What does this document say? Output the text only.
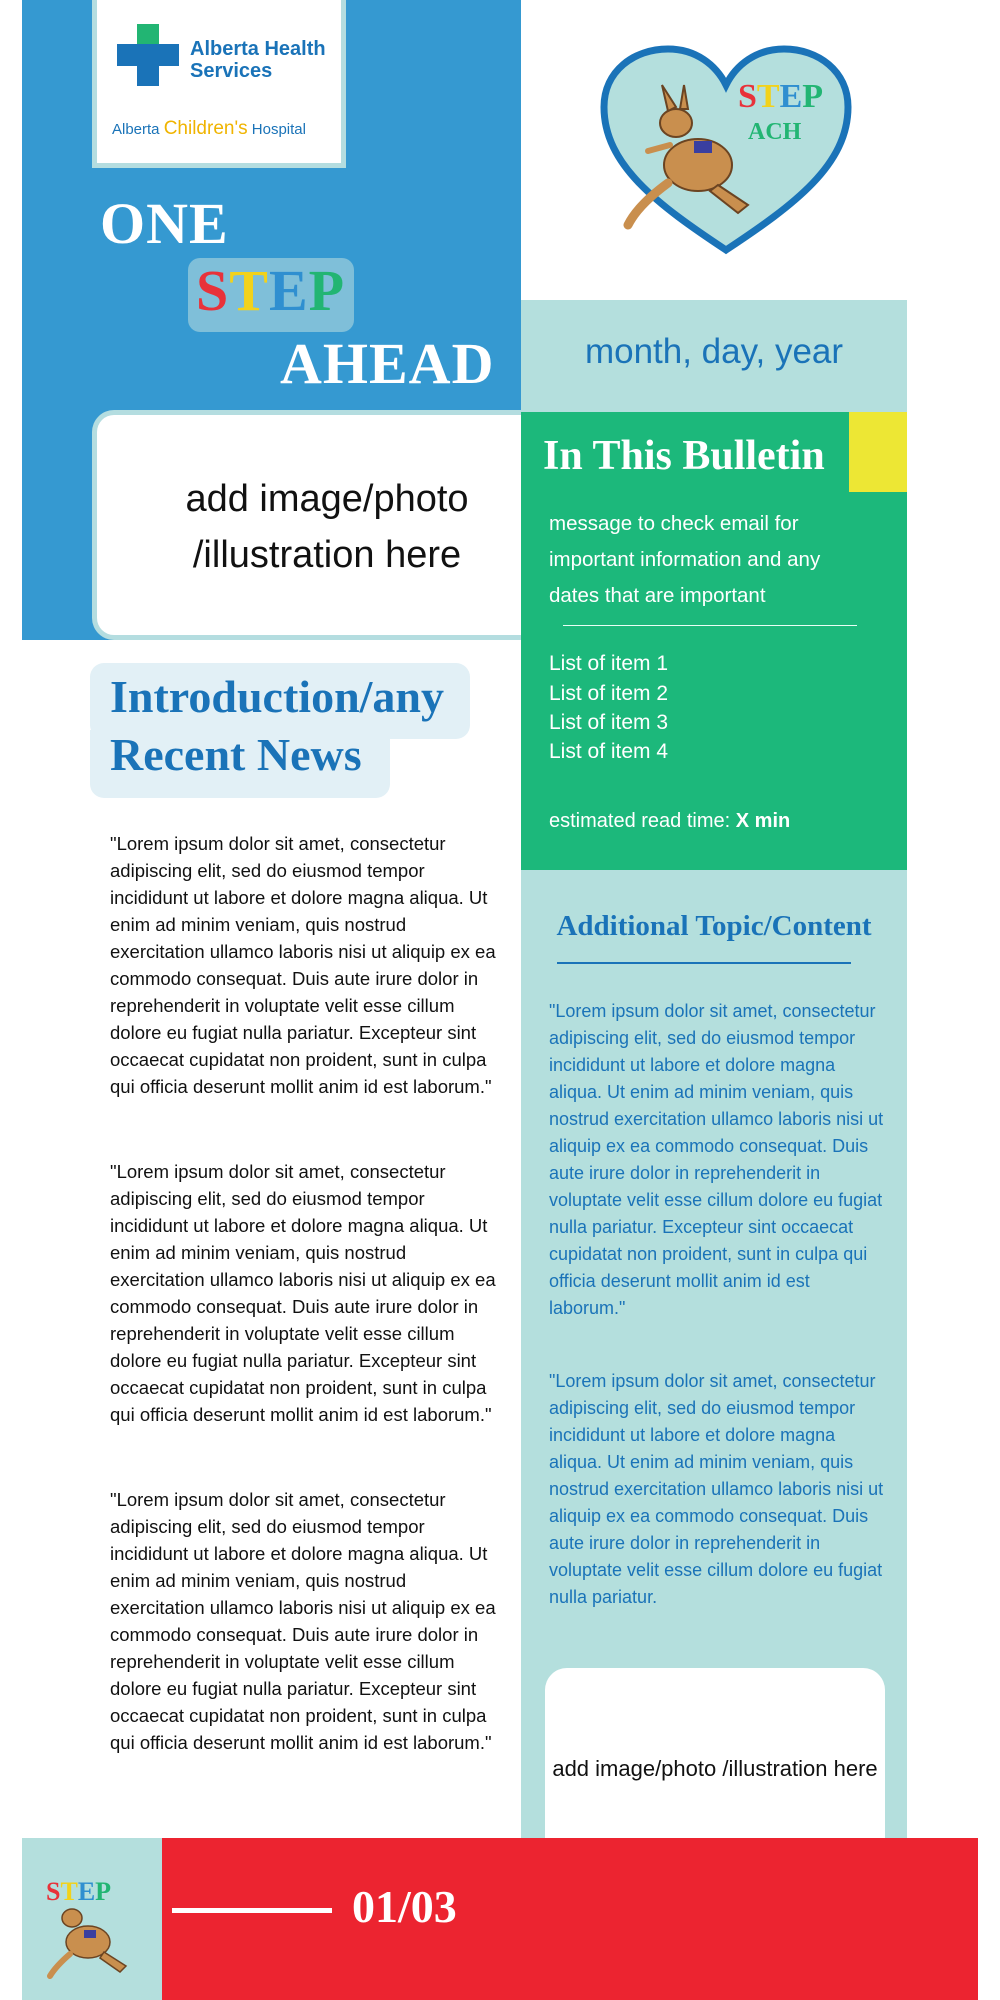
Alberta Health Services
Alberta Children's Hospital
ONE
STEP
AHEAD
add image/photo /illustration here
STEP
ACH
month, day, year
In This Bulletin
message to check email for important information and any dates that are important
List of item 1
List of item 2
List of item 3
List of item 4
estimated read time: X min
Additional Topic/Content
"Lorem ipsum dolor sit amet, consectetur adipiscing elit, sed do eiusmod tempor incididunt ut labore et dolore magna aliqua. Ut enim ad minim veniam, quis nostrud exercitation ullamco laboris nisi ut aliquip ex ea commodo consequat. Duis aute irure dolor in reprehenderit in voluptate velit esse cillum dolore eu fugiat nulla pariatur. Excepteur sint occaecat cupidatat non proident, sunt in culpa qui officia deserunt mollit anim id est laborum."
"Lorem ipsum dolor sit amet, consectetur adipiscing elit, sed do eiusmod tempor incididunt ut labore et dolore magna aliqua. Ut enim ad minim veniam, quis nostrud exercitation ullamco laboris nisi ut aliquip ex ea commodo consequat. Duis aute irure dolor in reprehenderit in voluptate velit esse cillum dolore eu fugiat nulla pariatur.
add image/photo /illustration here
Introduction/any Recent News
"Lorem ipsum dolor sit amet, consectetur adipiscing elit, sed do eiusmod tempor incididunt ut labore et dolore magna aliqua. Ut enim ad minim veniam, quis nostrud exercitation ullamco laboris nisi ut aliquip ex ea commodo consequat. Duis aute irure dolor in reprehenderit in voluptate velit esse cillum dolore eu fugiat nulla pariatur. Excepteur sint occaecat cupidatat non proident, sunt in culpa qui officia deserunt mollit anim id est laborum."
"Lorem ipsum dolor sit amet, consectetur adipiscing elit, sed do eiusmod tempor incididunt ut labore et dolore magna aliqua. Ut enim ad minim veniam, quis nostrud exercitation ullamco laboris nisi ut aliquip ex ea commodo consequat. Duis aute irure dolor in reprehenderit in voluptate velit esse cillum dolore eu fugiat nulla pariatur. Excepteur sint occaecat cupidatat non proident, sunt in culpa qui officia deserunt mollit anim id est laborum."
"Lorem ipsum dolor sit amet, consectetur adipiscing elit, sed do eiusmod tempor incididunt ut labore et dolore magna aliqua. Ut enim ad minim veniam, quis nostrud exercitation ullamco laboris nisi ut aliquip ex ea commodo consequat. Duis aute irure dolor in reprehenderit in voluptate velit esse cillum dolore eu fugiat nulla pariatur. Excepteur sint occaecat cupidatat non proident, sunt in culpa qui officia deserunt mollit anim id est laborum."
STEP	01/03
